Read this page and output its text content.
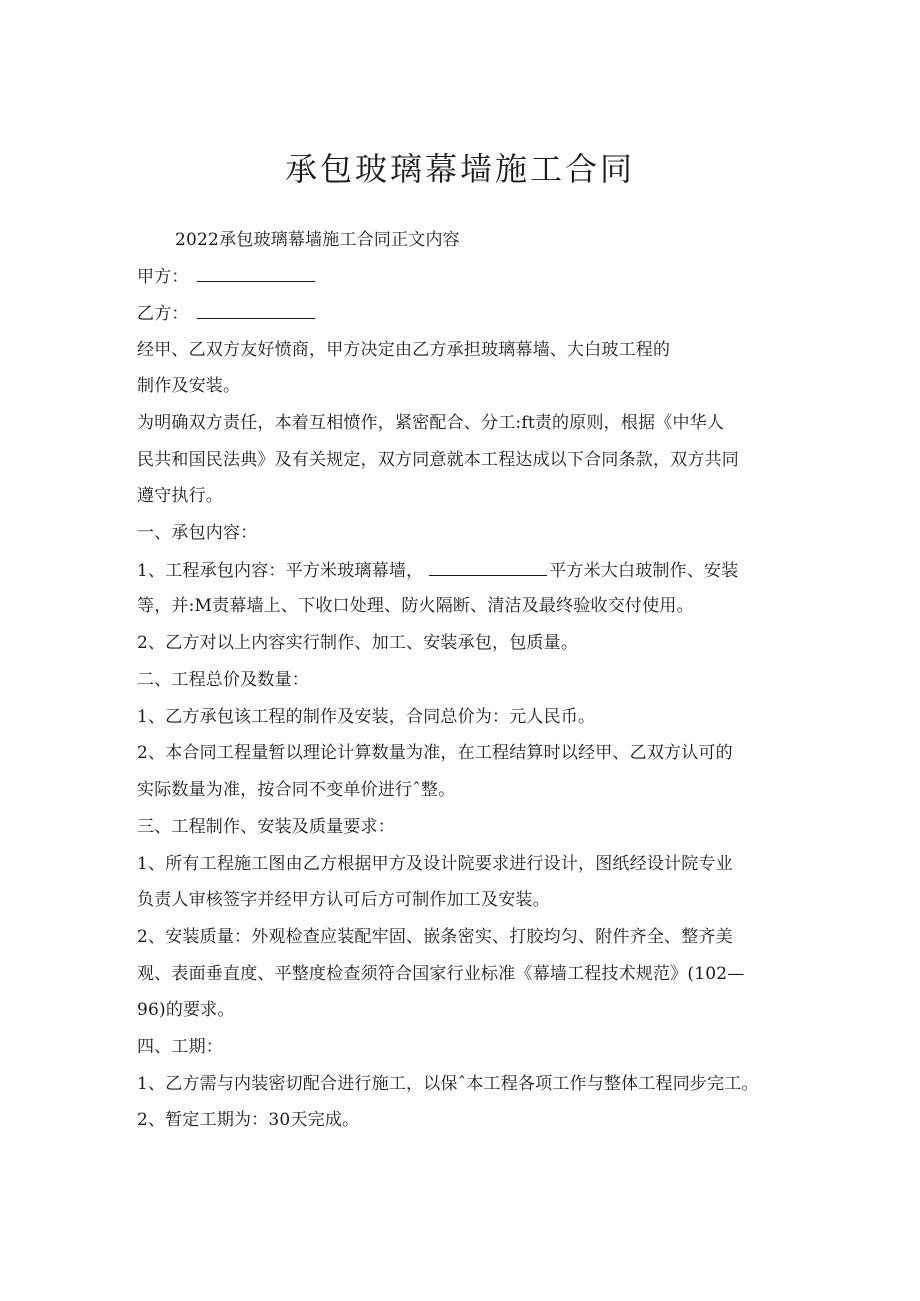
承包玻璃幕墙施工合同
2022承包玻璃幕墙施工合同正文内容
甲方：
乙方：
经甲、乙双方友好愤商，甲方决定由乙方承担玻璃幕墙、大白玻工程的
制作及安装。
为明确双方责任，本着互相愤作，紧密配合、分工:ft责的原则，根据《中华人
民共和国民法典》及有关规定，双方同意就本工程达成以下合同条款，双方共同
遵守执行。
一、承包内容：
1、工程承包内容：平方米玻璃幕墙，	平方米大白玻制作、安装
等，并:M责幕墙上、下收口处理、防火隔断、清洁及最终验收交付使用。
2、乙方对以上内容实行制作、加工、安装承包，包质量。
二、工程总价及数量：
1、乙方承包该工程的制作及安装，合同总价为：元人民币。
2、本合同工程量暂以理论计算数量为准，在工程结算时以经甲、乙双方认可的
实际数量为准，按合同不变单价进行ˆ整。
三、工程制作、安装及质量要求：
1、所有工程施工图由乙方根据甲方及设计院要求进行设计，图纸经设计院专业
负责人审核签字并经甲方认可后方可制作加工及安装。
2、安装质量：外观检查应装配牢固、嵌条密实、打胶均匀、附件齐全、整齐美
观、表面垂直度、平整度检查须符合国家行业标准《幕墙工程技术规范》(102—
96)的要求。
四、工期：
1、乙方需与内装密切配合进行施工，以保ˆ本工程各项工作与整体工程同步完工。
2、暂定工期为：30天完成。
